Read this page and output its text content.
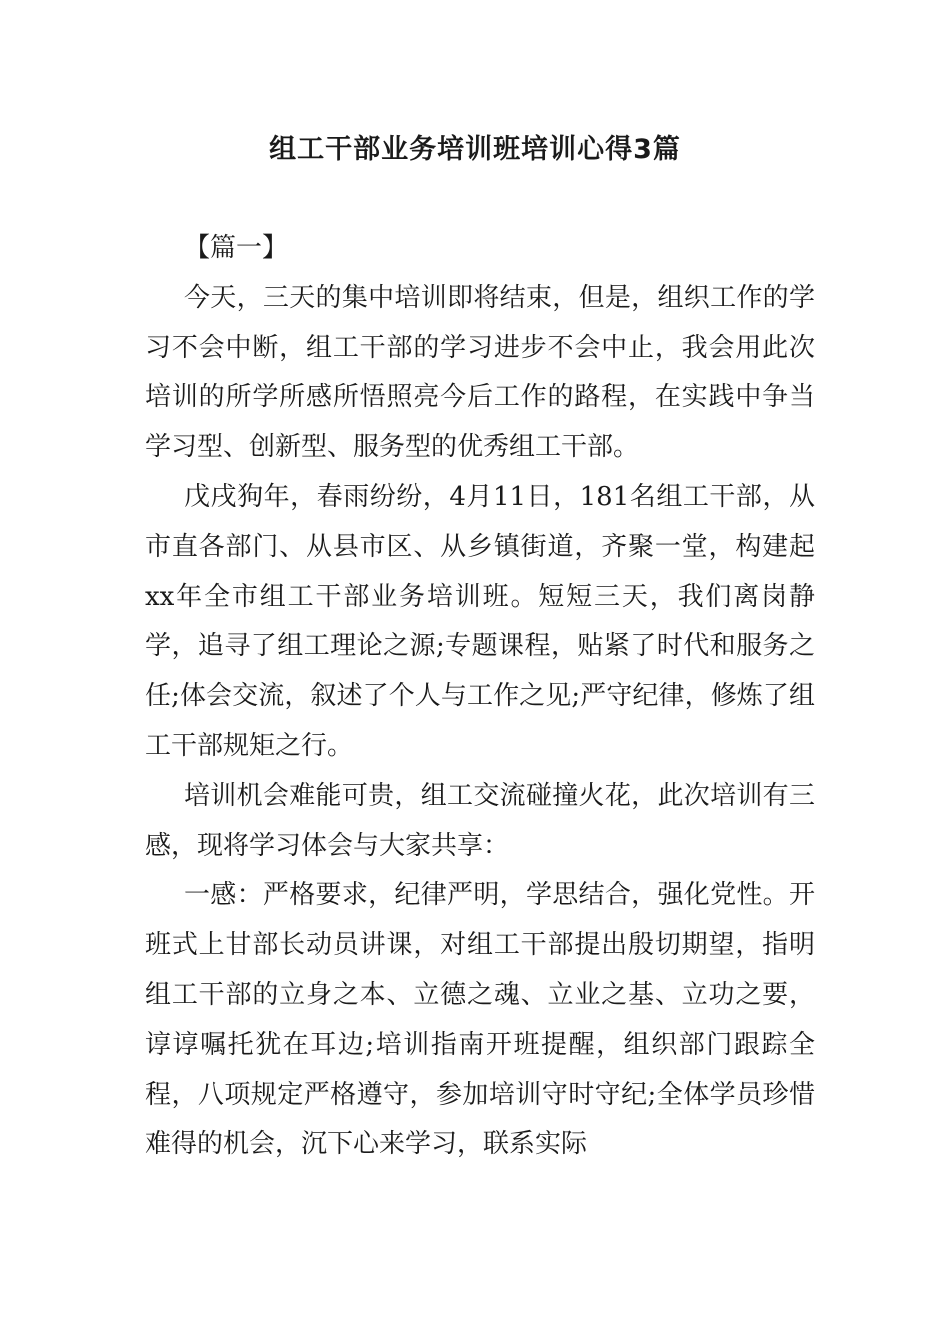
组工干部业务培训班培训心得3篇

【篇一】

今天，三天的集中培训即将结束，但是，组织工作的学习不会中断，组工干部的学习进步不会中止，我会用此次培训的所学所感所悟照亮今后工作的路程，在实践中争当学习型、创新型、服务型的优秀组工干部。

戊戌狗年，春雨纷纷，4月11日，181名组工干部，从市直各部门、从县市区、从乡镇街道，齐聚一堂，构建起xx年全市组工干部业务培训班。短短三天，我们离岗静学，追寻了组工理论之源;专题课程，贴紧了时代和服务之任;体会交流，叙述了个人与工作之见;严守纪律，修炼了组工干部规矩之行。

培训机会难能可贵，组工交流碰撞火花，此次培训有三感，现将学习体会与大家共享：

一感：严格要求，纪律严明，学思结合，强化党性。开班式上甘部长动员讲课，对组工干部提出殷切期望，指明组工干部的立身之本、立德之魂、立业之基、立功之要，谆谆嘱托犹在耳边;培训指南开班提醒，组织部门跟踪全程，八项规定严格遵守，参加培训守时守纪;全体学员珍惜难得的机会，沉下心来学习，联系实际
